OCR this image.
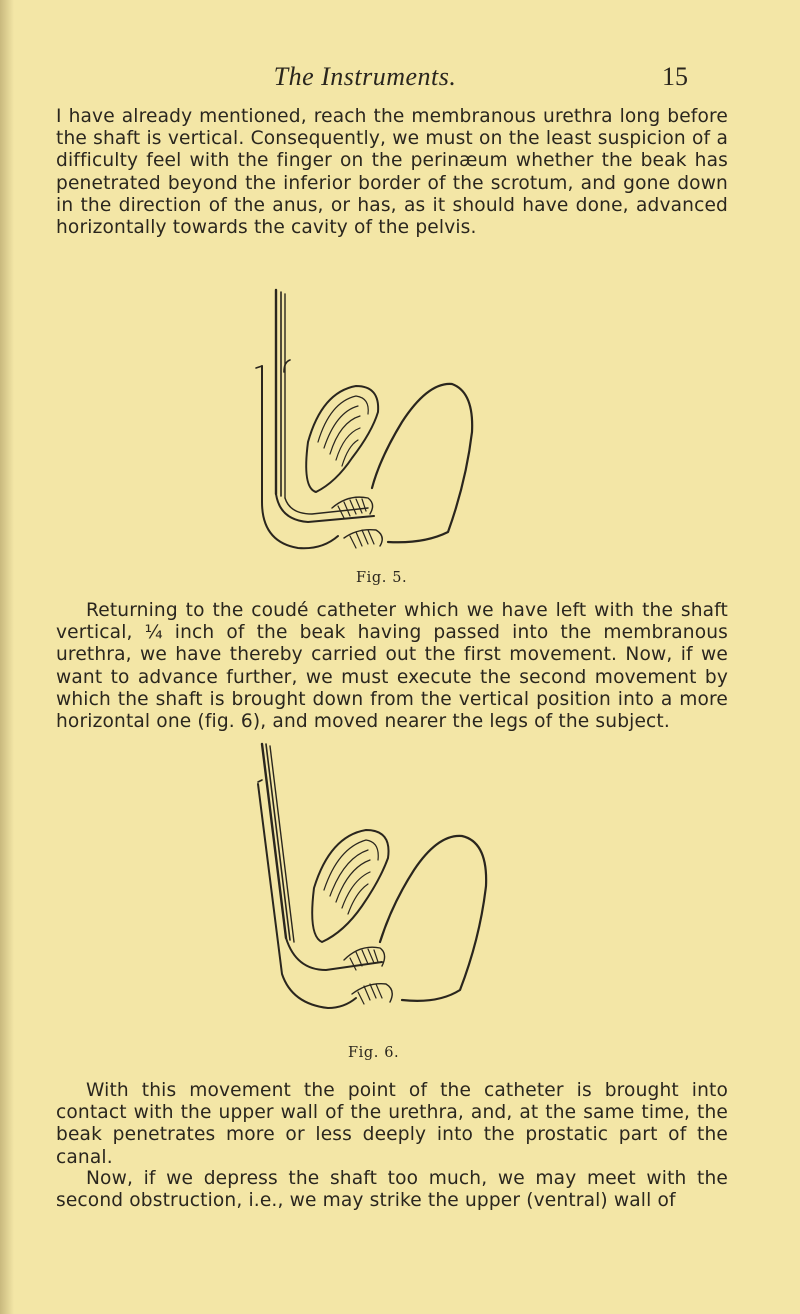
The Instruments.	15

I have already mentioned, reach the membranous urethra long before the shaft is vertical. Consequently, we must on the least suspicion of a difficulty feel with the finger on the perinæum whether the beak has penetrated beyond the inferior border of the scrotum, and gone down in the direction of the anus, or has, as it should have done, advanced horizontally towards the cavity of the pelvis.

Fig. 5.

Returning to the coudé catheter which we have left with the shaft vertical, ¼ inch of the beak having passed into the membranous urethra, we have thereby carried out the first movement. Now, if we want to advance further, we must execute the second movement by which the shaft is brought down from the vertical position into a more horizontal one (fig. 6), and moved nearer the legs of the subject.

Fig. 6.

With this movement the point of the catheter is brought into contact with the upper wall of the urethra, and, at the same time, the beak penetrates more or less deeply into the prostatic part of the canal.

Now, if we depress the shaft too much, we may meet with the second obstruction, i.e., we may strike the upper (ventral) wall of
